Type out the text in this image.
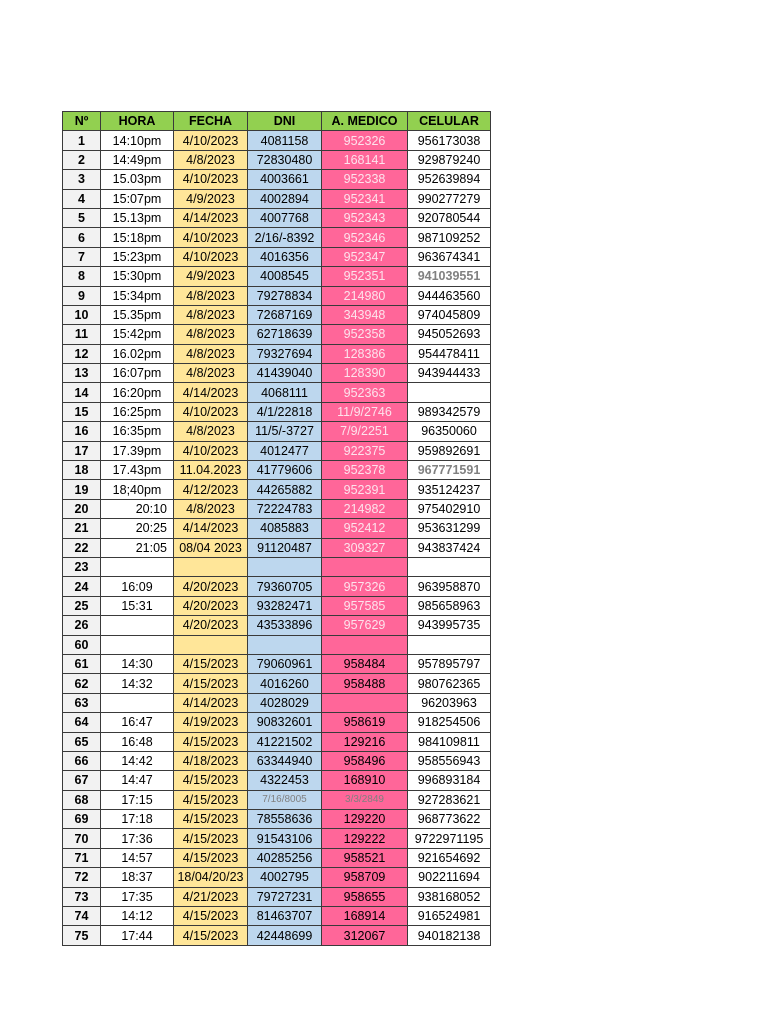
Nº	HORA	FECHA	DNI	A. MEDICO	CELULAR
1	14:10pm	4/10/2023	4081158	952326	956173038
2	14:49pm	4/8/2023	72830480	168141	929879240
3	15.03pm	4/10/2023	4003661	952338	952639894
4	15:07pm	4/9/2023	4002894	952341	990277279
5	15.13pm	4/14/2023	4007768	952343	920780544
6	15:18pm	4/10/2023	2/16/-8392	952346	987109252
7	15:23pm	4/10/2023	4016356	952347	963674341
8	15:30pm	4/9/2023	4008545	952351	941039551
9	15:34pm	4/8/2023	79278834	214980	944463560
10	15.35pm	4/8/2023	72687169	343948	974045809
11	15:42pm	4/8/2023	62718639	952358	945052693
12	16.02pm	4/8/2023	79327694	128386	954478411
13	16:07pm	4/8/2023	41439040	128390	943944433
14	16:20pm	4/14/2023	4068111	952363	
15	16:25pm	4/10/2023	4/1/22818	11/9/2746	989342579
16	16:35pm	4/8/2023	11/5/-3727	7/9/2251	96350060
17	17.39pm	4/10/2023	4012477	922375	959892691
18	17.43pm	11.04.2023	41779606	952378	967771591
19	18;40pm	4/12/2023	44265882	952391	935124237
20	20:10	4/8/2023	72224783	214982	975402910
21	20:25	4/14/2023	4085883	952412	953631299
22	21:05	08/04 2023	91120487	309327	943837424
23					
24	16:09	4/20/2023	79360705	957326	963958870
25	15:31	4/20/2023	93282471	957585	985658963
26		4/20/2023	43533896	957629	943995735
60					
61	14:30	4/15/2023	79060961	958484	957895797
62	14:32	4/15/2023	4016260	958488	980762365
63		4/14/2023	4028029		96203963
64	16:47	4/19/2023	90832601	958619	918254506
65	16:48	4/15/2023	41221502	129216	984109811
66	14:42	4/18/2023	63344940	958496	958556943
67	14:47	4/15/2023	4322453	168910	996893184
68	17:15	4/15/2023	7/16/8005	3/3/2849	927283621
69	17:18	4/15/2023	78558636	129220	968773622
70	17:36	4/15/2023	91543106	129222	9722971195
71	14:57	4/15/2023	40285256	958521	921654692
72	18:37	18/04/20/23	4002795	958709	902211694
73	17:35	4/21/2023	79727231	958655	938168052
74	14:12	4/15/2023	81463707	168914	916524981
75	17:44	4/15/2023	42448699	312067	940182138
